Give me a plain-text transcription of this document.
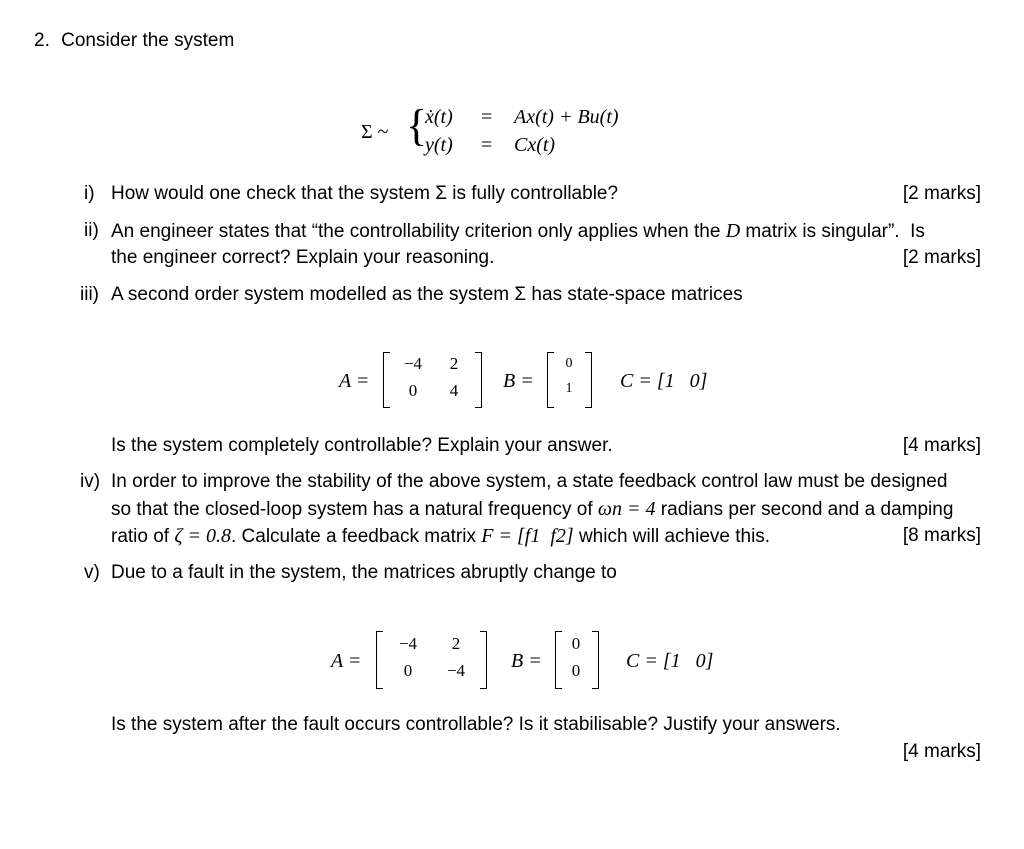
2. Consider the system
Σ ~ {
ẋ(t) = Ax(t) + Bu(t)
y(t) = Cx(t)
i) How would one check that the system Σ is fully controllable?	[2 marks]
ii) An engineer states that “the controllability criterion only applies when the D matrix is singular”.  Is
the engineer correct? Explain your reasoning.	[2 marks]
iii) A second order system modelled as the system Σ has state-space matrices
A =
−4	2
0	4	B =
0
1	C = [1   0]
Is the system completely controllable? Explain your answer.	[4 marks]
iv) In order to improve the stability of the above system, a state feedback control law must be designed
so that the closed-loop system has a natural frequency of ωn = 4 radians per second and a damping
ratio of ζ = 0.8. Calculate a feedback matrix F = [f1  f2] which will achieve this.	[8 marks]
v) Due to a fault in the system, the matrices abruptly change to
A =
−4	2
0	−4	B =
0
0	C = [1   0]
Is the system after the fault occurs controllable? Is it stabilisable? Justify your answers.
[4 marks]
